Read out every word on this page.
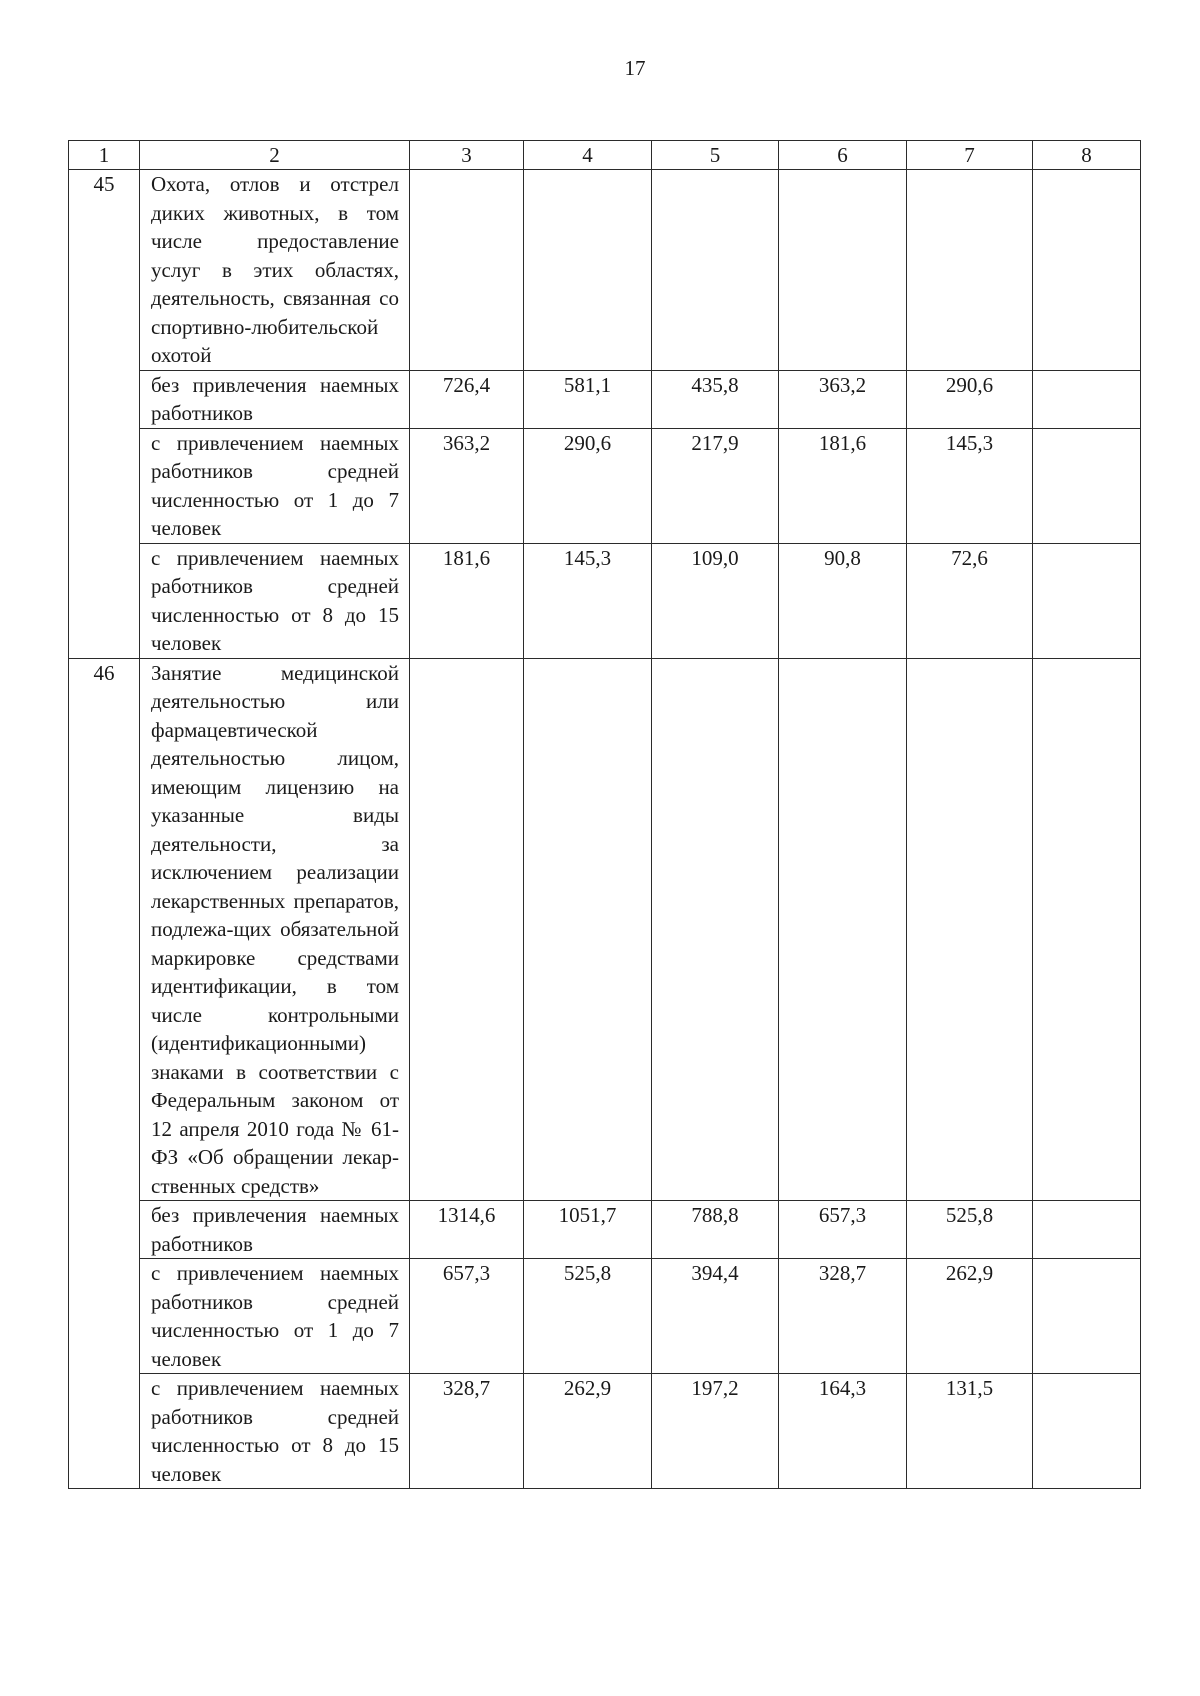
17
1	2	3	4	5	6	7	8
45	Охота, отлов и отстрел диких животных, в том числе предоставление услуг в этих областях, деятельность, связанная со спортивно-любительской охотой						
	без привлечения наемных работников	726,4	581,1	435,8	363,2	290,6	
	с привлечением наемных работников средней численностью от 1 до 7 человек	363,2	290,6	217,9	181,6	145,3	
	с привлечением наемных работников средней численностью от 8 до 15 человек	181,6	145,3	109,0	90,8	72,6	
46	Занятие медицинской деятельностью или фармацевтической деятельностью лицом, имеющим лицензию на указанные виды деятельности, за исключением реализации лекарственных препаратов, подлежа-щих обязательной маркировке средствами идентификации, в том числе контрольными (идентификационными) знаками в соответствии с Федеральным законом от 12 апреля 2010 года № 61-ФЗ «Об обращении лекар-ственных средств»						
	без привлечения наемных работников	1314,6	1051,7	788,8	657,3	525,8	
	с привлечением наемных работников средней численностью от 1 до 7 человек	657,3	525,8	394,4	328,7	262,9	
	с привлечением наемных работников средней численностью от 8 до 15 человек	328,7	262,9	197,2	164,3	131,5	
